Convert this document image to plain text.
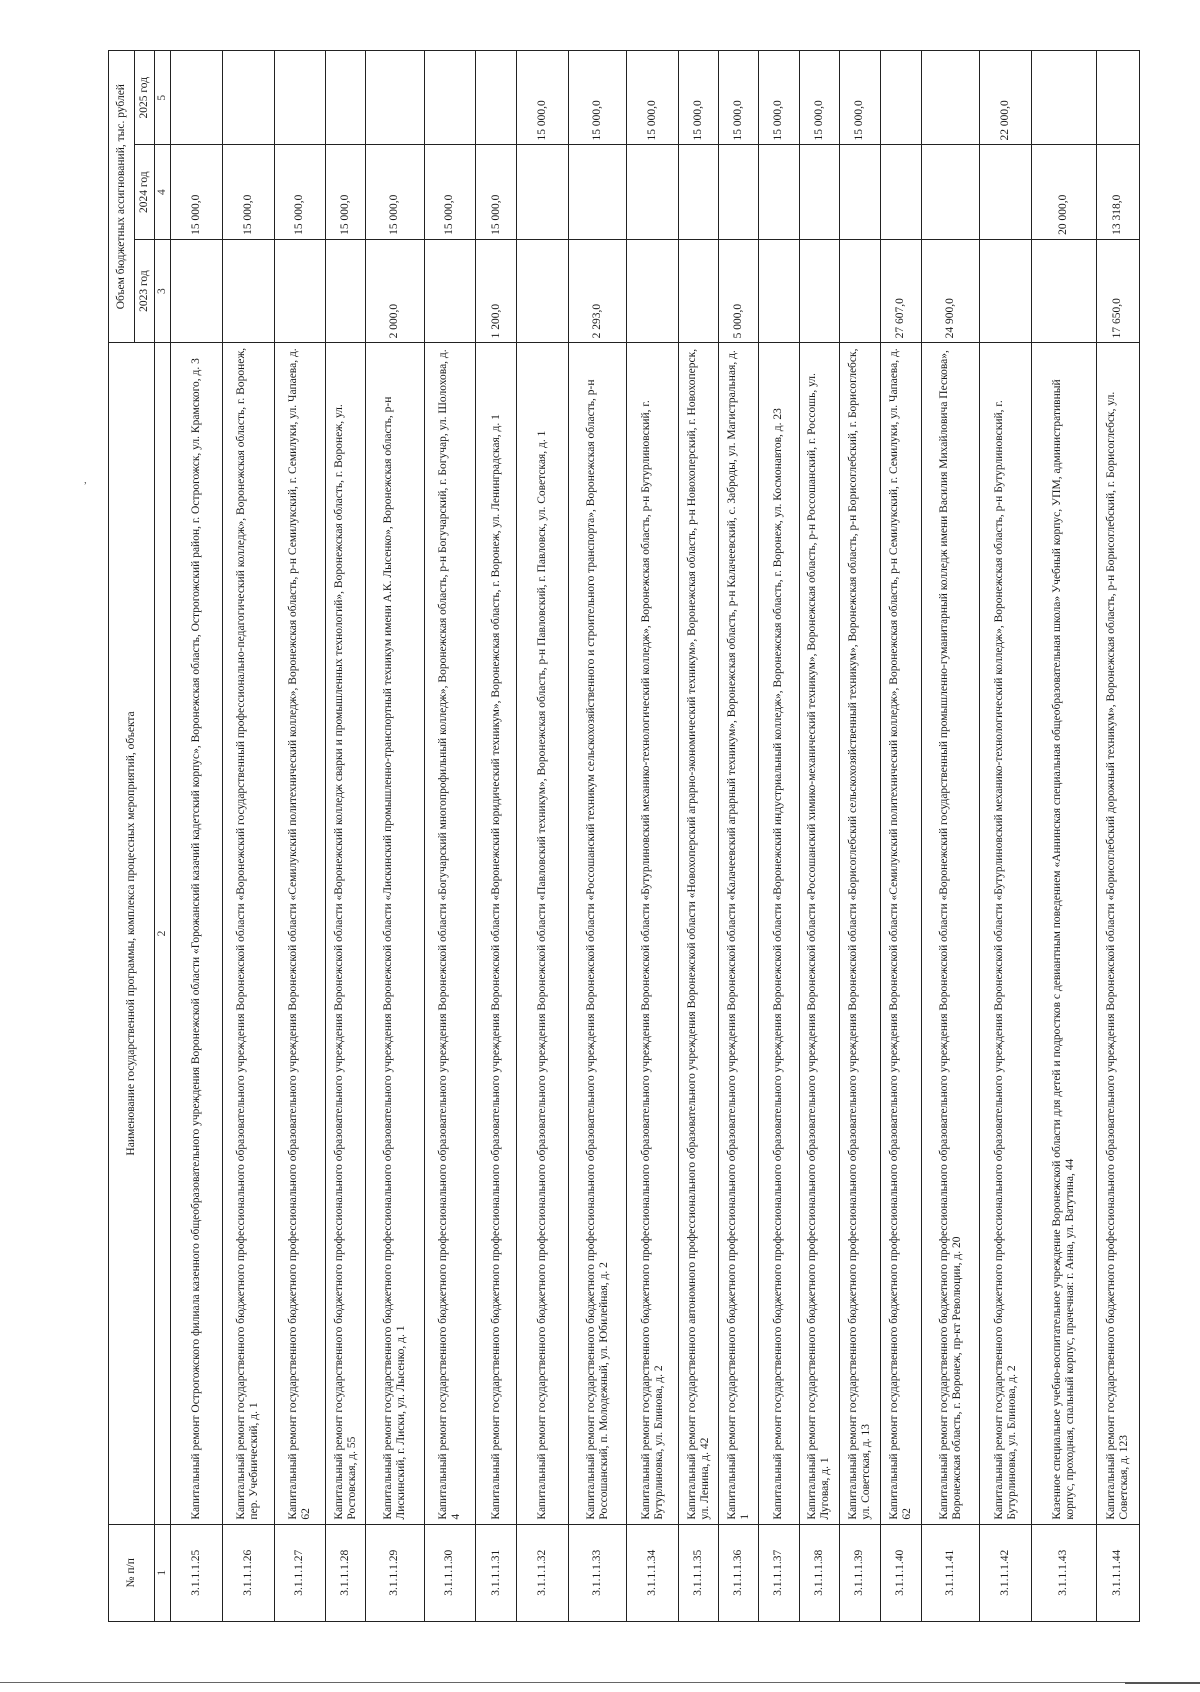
,
№ п/п	Наименование государственной программы, комплекса процессных мероприятий, объекта	Объем бюджетных ассигнований, тыс. рублей		
		2023 год	2024 год	2025 год
1	2	3	4	5
3.1.1.1.25	Капитальный ремонт Острогожского филиала казенного общеобразовательного учреждения Воронежской области «Горожанский казачий кадетский корпус», Воронежская область, Острогожский район, г. Острогожск, ул. Крамского, д. 3		15 000,0	
3.1.1.1.26	Капитальный ремонт государственного бюджетного профессионального образовательного учреждения Воронежской области «Воронежский государственный профессионально-педагогический колледж», Воронежская область, г. Воронеж, пер. Учебнический, д. 1		15 000,0	
3.1.1.1.27	Капитальный ремонт государственного бюджетного профессионального образовательного учреждения Воронежской области «Семилукский политехнический колледж», Воронежская область, р-н Семилукский, г. Семилуки, ул. Чапаева, д. 62		15 000,0	
3.1.1.1.28	Капитальный ремонт государственного бюджетного профессионального образовательного учреждения Воронежской области «Воронежский колледж сварки и промышленных технологий», Воронежская область, г. Воронеж, ул. Ростовская, д. 55		15 000,0	
3.1.1.1.29	Капитальный ремонт государственного бюджетного профессионального образовательного учреждения Воронежской области «Лискинский промышленно-транспортный техникум имени А.К. Лысенко», Воронежская область, р-н Лискинский, г. Лиски, ул. Лысенко, д. 1	2 000,0	15 000,0	
3.1.1.1.30	Капитальный ремонт государственного бюджетного профессионального образовательного учреждения Воронежской области «Богучарский многопрофильный колледж», Воронежская область, р-н Богучарский, г. Богучар, ул. Шолохова, д. 4		15 000,0	
3.1.1.1.31	Капитальный ремонт государственного бюджетного профессионального образовательного учреждения Воронежской области «Воронежский юридический техникум», Воронежская область, г. Воронеж, ул. Ленинградская, д. 1	1 200,0	15 000,0	
3.1.1.1.32	Капитальный ремонт государственного бюджетного профессионального образовательного учреждения Воронежской области «Павловский техникум», Воронежская область, р-н Павловский, г. Павловск, ул. Советская, д. 1			15 000,0
3.1.1.1.33	Капитальный ремонт государственного бюджетного профессионального образовательного учреждения Воронежской области «Россошанский техникум сельскохозяйственного и строительного транспорта», Воронежская область, р-н Россошанский, п. Молодежный, ул. Юбилейная, д. 2	2 293,0		15 000,0
3.1.1.1.34	Капитальный ремонт государственного бюджетного профессионального образовательного учреждения Воронежской области «Бутурлиновский механико-технологический колледж», Воронежская область, р-н Бутурлиновский, г. Бутурлиновка, ул. Блинова, д. 2			15 000,0
3.1.1.1.35	Капитальный ремонт государственного автономного профессионального образовательного учреждения Воронежской области «Новохоперский аграрно-экономический техникум», Воронежская область, р-н Новохоперский, г. Новохоперск, ул. Ленина, д. 42			15 000,0
3.1.1.1.36	Капитальный ремонт государственного бюджетного профессионального образовательного учреждения Воронежской области «Калачеевский аграрный техникум», Воронежская область, р-н Калачеевский, с. Заброды, ул. Магистральная, д. 1	5 000,0		15 000,0
3.1.1.1.37	Капитальный ремонт государственного бюджетного профессионального образовательного учреждения Воронежской области «Воронежский индустриальный колледж», Воронежская область, г. Воронеж, ул. Космонавтов, д. 23			15 000,0
3.1.1.1.38	Капитальный ремонт государственного бюджетного профессионального образовательного учреждения Воронежской области «Россошанский химико-механический техникум», Воронежская область, р-н Россошанский, г. Россошь, ул. Луговая, д. 1			15 000,0
3.1.1.1.39	Капитальный ремонт государственного бюджетного профессионального образовательного учреждения Воронежской области «Борисоглебский сельскохозяйственный техникум», Воронежская область, р-н Борисоглебский, г. Борисоглебск, ул. Советская, д. 13			15 000,0
3.1.1.1.40	Капитальный ремонт государственного бюджетного профессионального образовательного учреждения Воронежской области «Семилукский политехнический колледж», Воронежская область, р-н Семилукский, г. Семилуки, ул. Чапаева, д. 62	27 607,0		
3.1.1.1.41	Капитальный ремонт государственного бюджетного профессионального образовательного учреждения Воронежской области «Воронежский государственный промышленно-гуманитарный колледж имени Василия Михайловича Пескова», Воронежская область, г. Воронеж, пр-кт Революции, д. 20	24 900,0		
3.1.1.1.42	Капитальный ремонт государственного бюджетного профессионального образовательного учреждения Воронежской области «Бутурлиновский механико-технологический колледж», Воронежская область, р-н Бутурлиновский, г. Бутурлиновка, ул. Блинова, д. 2			22 000,0
3.1.1.1.43	Казенное специальное учебно-воспитательное учреждение Воронежской области для детей и подростков с девиантным поведением «Аннинская специальная общеобразовательная школа» Учебный корпус, УПМ, административный корпус, проходная, спальный корпус, прачечная: г. Анна, ул. Ватутина, 44		20 000,0	
3.1.1.1.44	Капитальный ремонт государственного бюджетного профессионального образовательного учреждения Воронежской области «Борисоглебский дорожный техникум», Воронежская область, р-н Борисоглебский, г. Борисоглебск, ул. Советская, д. 123	17 650,0	13 318,0	
